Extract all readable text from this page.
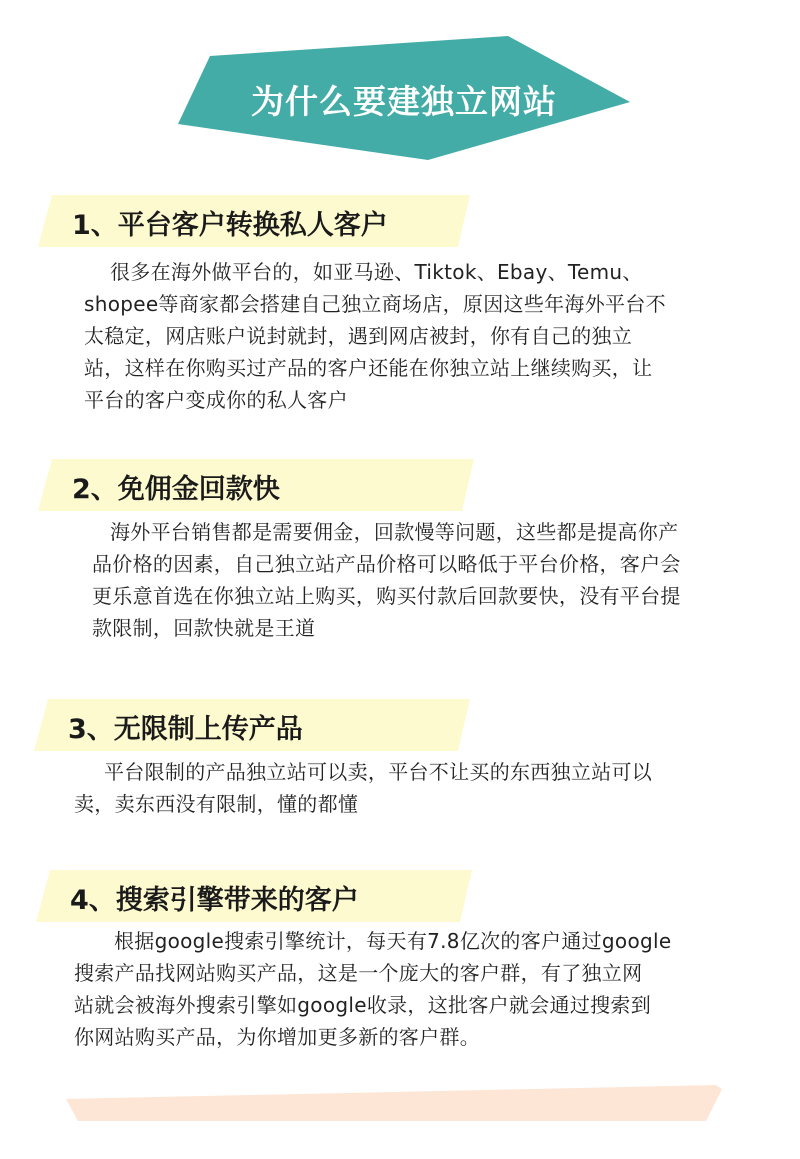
为什么要建独立网站
1、平台客户转换私人客户
很多在海外做平台的，如亚马逊、Tiktok、Ebay、Temu、
shopee等商家都会搭建自己独立商场店，原因这些年海外平台不
太稳定，网店账户说封就封，遇到网店被封，你有自己的独立
站，这样在你购买过产品的客户还能在你独立站上继续购买，让
平台的客户变成你的私人客户
2、免佣金回款快
海外平台销售都是需要佣金，回款慢等问题，这些都是提高你产
品价格的因素，自己独立站产品价格可以略低于平台价格，客户会
更乐意首选在你独立站上购买，购买付款后回款要快，没有平台提
款限制，回款快就是王道
3、无限制上传产品
平台限制的产品独立站可以卖，平台不让买的东西独立站可以
卖，卖东西没有限制，懂的都懂
4、搜索引擎带来的客户
根据google搜索引擎统计，每天有7.8亿次的客户通过google
搜索产品找网站购买产品，这是一个庞大的客户群，有了独立网
站就会被海外搜索引擎如google收录，这批客户就会通过搜索到
你网站购买产品，为你增加更多新的客户群。
